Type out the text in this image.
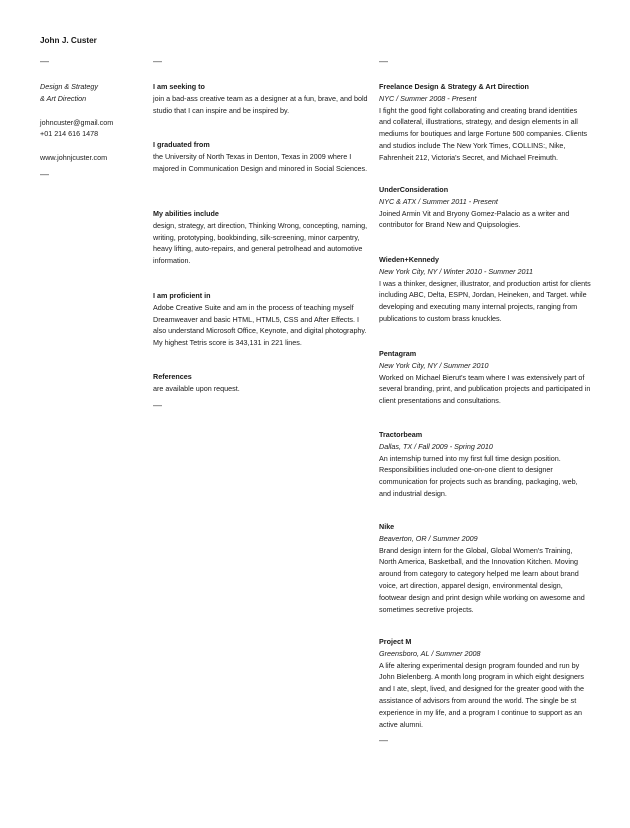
John J. Custer
—	—	—
Design & Strategy
& Art Direction
johncuster@gmail.com
+01 214 616 1478
www.johnjcuster.com
—
I am seeking to

join a bad-ass creative team as a designer at a fun, brave, and bold studio that I can inspire and be inspired by.

I graduated from

the University of North Texas in Denton, Texas in 2009 where I majored in Communication Design and minored in Social Sciences.

My abilities include

design, strategy, art direction, Thinking Wrong, concepting, naming, writing, prototyping, bookbinding, silk-screening, minor carpentry, heavy lifting, auto-repairs, and general petrolhead and automotive information.

I am proficient in

Adobe Creative Suite and am in the process of teaching myself Dreamweaver and basic HTML, HTML5, CSS and After Effects. I also understand Microsoft Office, Keynote, and digital photography. My highest Tetris score is 343,131 in 221 lines.

References

are available upon request.

—
Freelance Design & Strategy & Art Direction
NYC / Summer 2008 - Present

I fight the good fight collaborating and creating brand identities and collateral, illustrations, strategy, and design elements in all mediums for boutiques and large Fortune 500 companies. Clients and studios include The New York Times, COLLINS:, Nike, Fahrenheit 212, Victoria's Secret, and Michael Freimuth.

UnderConsideration
NYC & ATX / Summer 2011 - Present

Joined Armin Vit and Bryony Gomez-Palacio as a writer and contributor for Brand New and Quipsologies.

Wieden+Kennedy
New York City, NY / Winter 2010 - Summer 2011

I was a thinker, designer, illustrator, and production artist for clients including ABC, Delta, ESPN, Jordan, Heineken, and Target. while developing and executing many internal projects, ranging from publications to custom brass knuckles.

Pentagram
New York City, NY / Summer 2010

Worked on Michael Bierut's team where I was extensively part of several branding, print, and publication projects and participated in client presentations and consultations.

Tractorbeam
Dallas, TX / Fall 2009 - Spring 2010

An internship turned into my first full time design position. Responsibilities included one-on-one client to designer communication for projects such as branding, packaging, web, and industrial design.

Nike
Beaverton, OR / Summer 2009

Brand design intern for the Global, Global Women's Training, North America, Basketball, and the Innovation Kitchen. Moving around from category to category helped me learn about brand voice, art direction, apparel design, environmental design, footwear design and print design while working on awesome and sometimes secretive projects.

Project M
Greensboro, AL / Summer 2008

A life altering experimental design program founded and run by John Bielenberg. A month long program in which eight designers and I ate, slept, lived, and designed for the greater good with the assistance of advisors from around the world. The single be st experience in my life, and a program I continue to support as an active alumni.

—
